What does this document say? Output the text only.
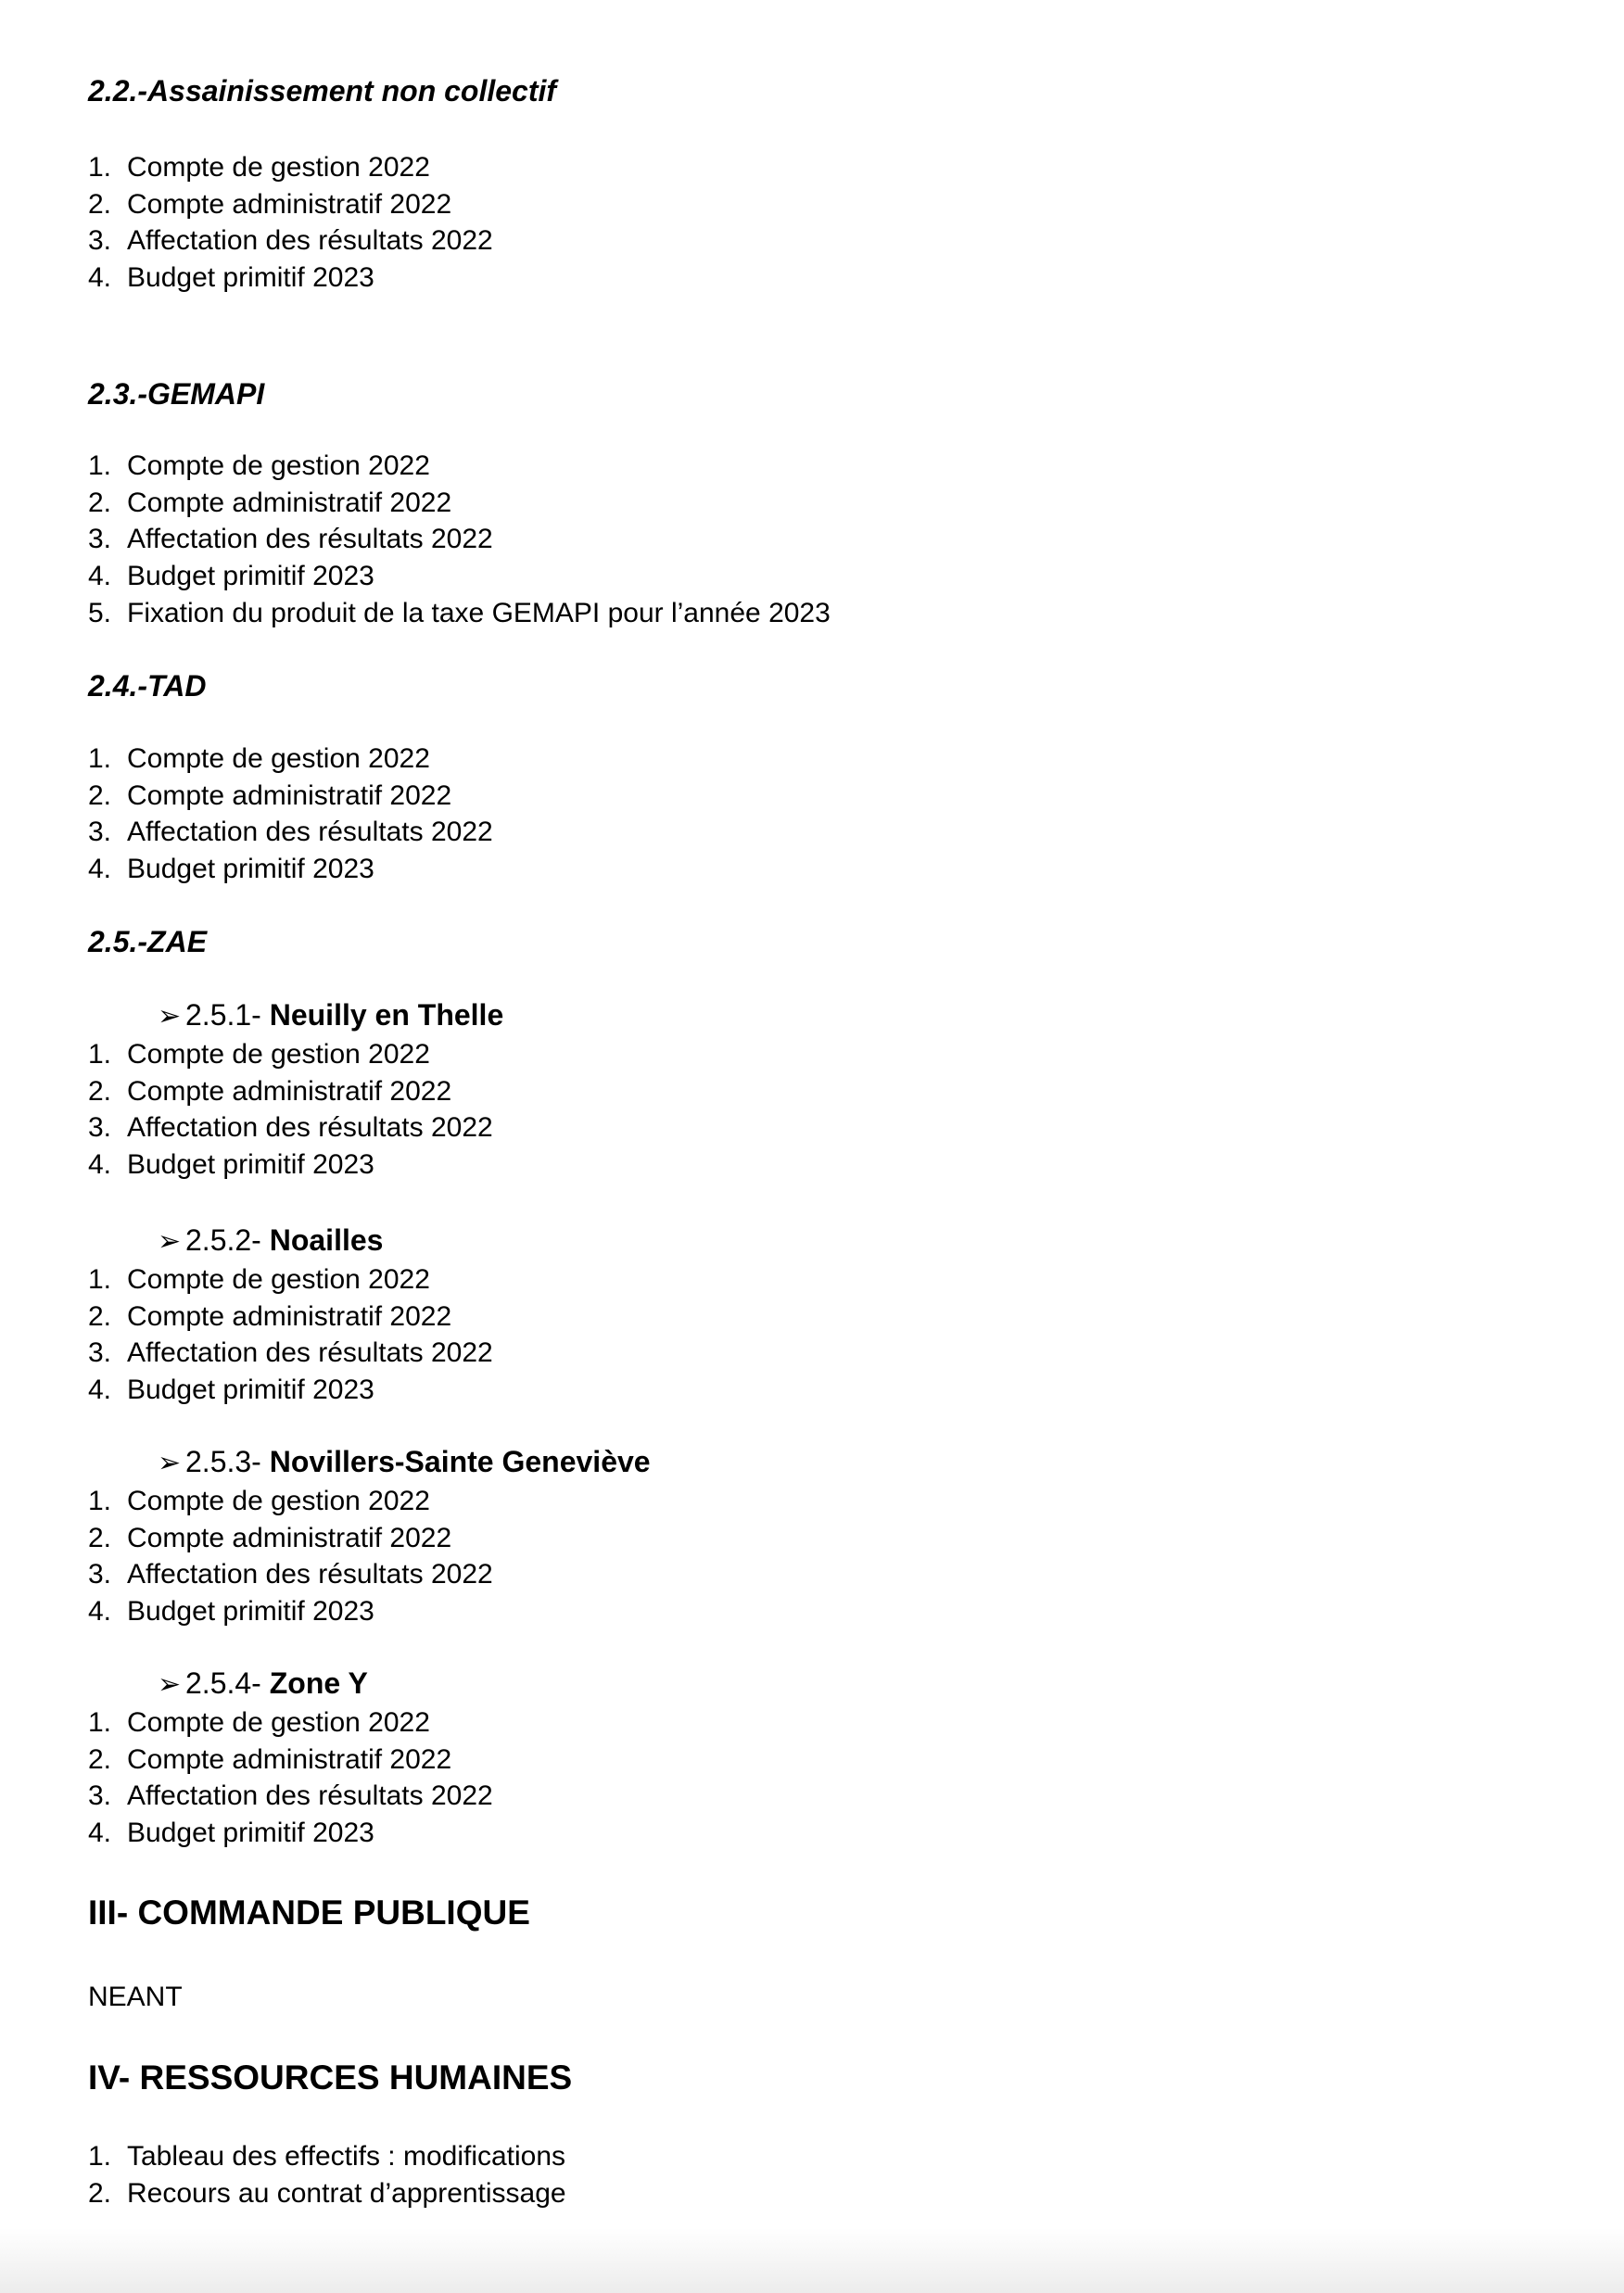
2.2.-Assainissement non collectif

1. Compte de gestion 2022
2. Compte administratif 2022
3. Affectation des résultats 2022
4. Budget primitif 2023

2.3.-GEMAPI

1. Compte de gestion 2022
2. Compte administratif 2022
3. Affectation des résultats 2022
4. Budget primitif 2023
5. Fixation du produit de la taxe GEMAPI pour l’année 2023

2.4.-TAD

1. Compte de gestion 2022
2. Compte administratif 2022
3. Affectation des résultats 2022
4. Budget primitif 2023

2.5.-ZAE

➢ 2.5.1- Neuilly en Thelle
1. Compte de gestion 2022
2. Compte administratif 2022
3. Affectation des résultats 2022
4. Budget primitif 2023
➢ 2.5.2- Noailles
1. Compte de gestion 2022
2. Compte administratif 2022
3. Affectation des résultats 2022
4. Budget primitif 2023
➢ 2.5.3- Novillers-Sainte Geneviève
1. Compte de gestion 2022
2. Compte administratif 2022
3. Affectation des résultats 2022
4. Budget primitif 2023
➢ 2.5.4- Zone Y
1. Compte de gestion 2022
2. Compte administratif 2022
3. Affectation des résultats 2022
4. Budget primitif 2023

III- COMMANDE PUBLIQUE

NEANT

IV- RESSOURCES HUMAINES

1. Tableau des effectifs : modifications
2. Recours au contrat d’apprentissage
